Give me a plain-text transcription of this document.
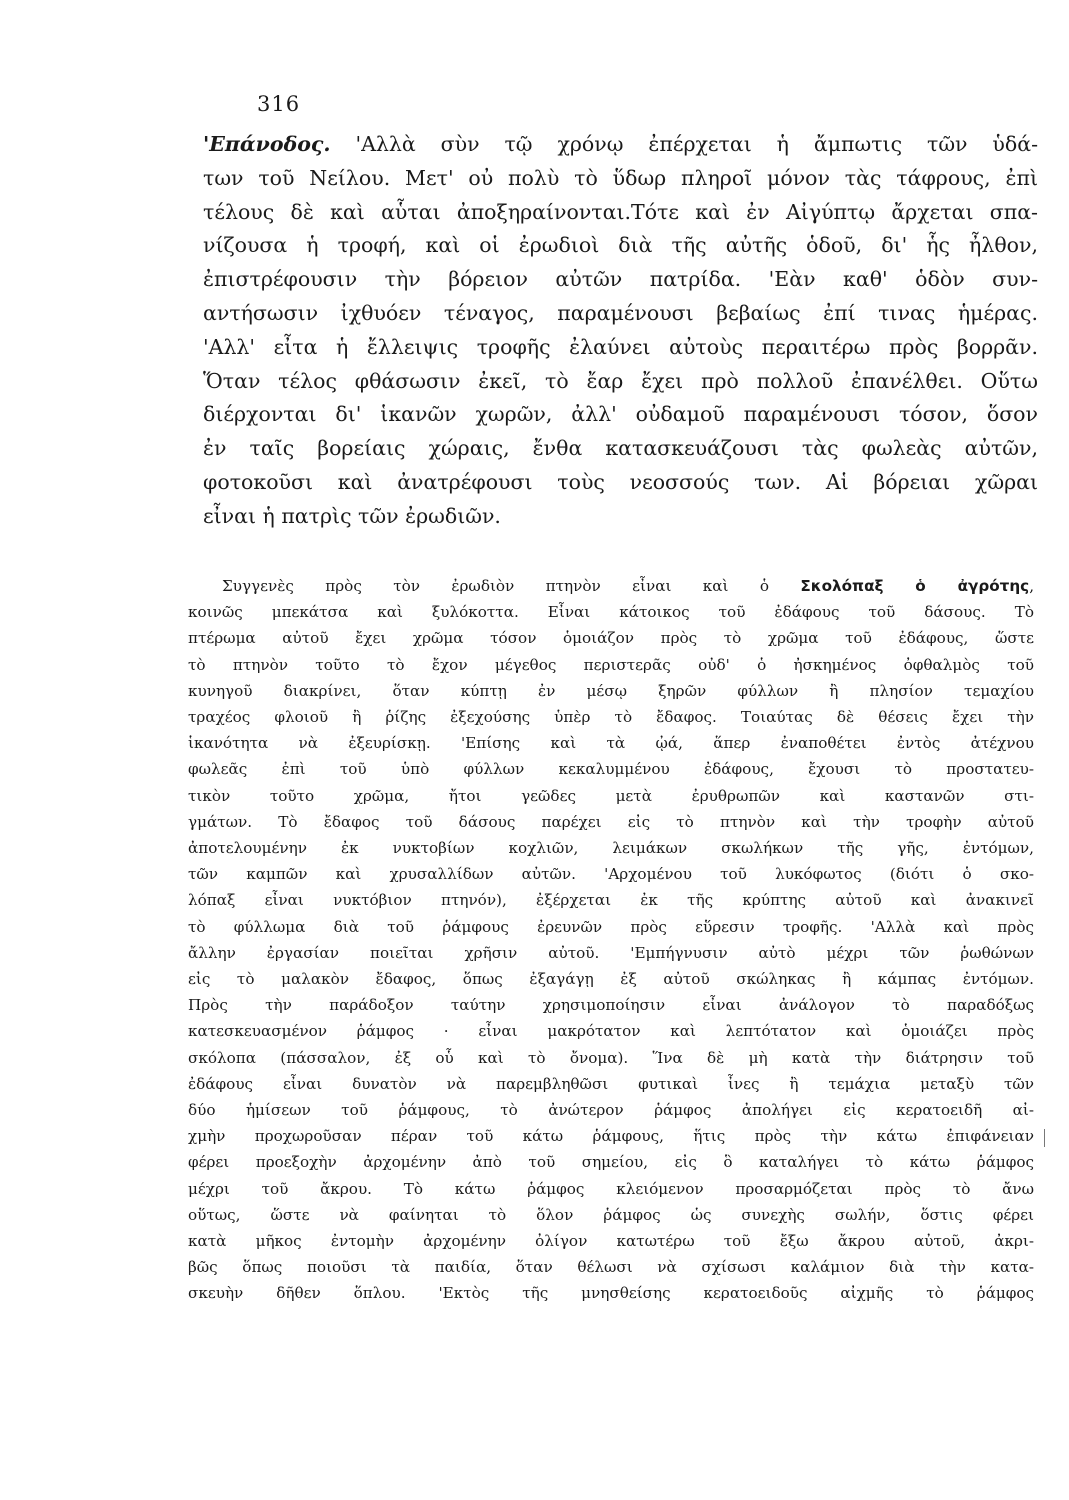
316
'Επάνοδος. 'Αλλὰ σὺν τῷ χρόνῳ ἐπέρχεται ἡ ἄμπωτις τῶν ὑδά-
των τοῦ Νείλου. Μετ' οὐ πολὺ τὸ ὕδωρ πληροῖ μόνον τὰς τάφρους, ἐπὶ
τέλους δὲ καὶ αὗται ἀποξηραίνονται.Τότε καὶ ἐν Αἰγύπτῳ ἄρχεται σπα-
νίζουσα ἡ τροφή, καὶ οἱ ἐρωδιοὶ διὰ τῆς αὐτῆς ὁδοῦ, δι' ἧς ἦλθον,
ἐπιστρέφουσιν τὴν βόρειον αὐτῶν πατρίδα. 'Εὰν καθ' ὁδὸν συν-
αντήσωσιν ἰχθυόεν τέναγος, παραμένουσι βεβαίως ἐπί τινας ἡμέρας.
'Αλλ' εἶτα ἡ ἔλλειψις τροφῆς ἐλαύνει αὐτοὺς περαιτέρω πρὸς βορρᾶν.
Ὅταν τέλος φθάσωσιν ἐκεῖ, τὸ ἔαρ ἔχει πρὸ πολλοῦ ἐπανέλθει. Οὕτω
διέρχονται δι' ἱκανῶν χωρῶν, ἀλλ' οὐδαμοῦ παραμένουσι τόσον, ὅσον
ἐν ταῖς βορείαις χώραις, ἔνθα κατασκευάζουσι τὰς φωλεὰς αὐτῶν,
φοτοκοῦσι καὶ ἀνατρέφουσι τοὺς νεοσσούς των. Αἱ βόρειαι χῶραι
εἶναι ἡ πατρὶς τῶν ἐρωδιῶν.
Συγγενὲς πρὸς τὸν ἐρωδιὸν πτηνὸν εἶναι καὶ ὁ Σκολόπαξ ὁ ἀγρότης,
κοινῶς μπεκάτσα καὶ ξυλόκοττα. Εἶναι κάτοικος τοῦ ἐδάφους τοῦ δάσους. Τὸ
πτέρωμα αὐτοῦ ἔχει χρῶμα τόσον ὁμοιάζον πρὸς τὸ χρῶμα τοῦ ἐδάφους, ὥστε
τὸ πτηνὸν τοῦτο τὸ ἔχον μέγεθος περιστερᾶς οὐδ' ὁ ἠσκημένος ὀφθαλμὸς τοῦ
κυνηγοῦ διακρίνει, ὅταν κύπτῃ ἐν μέσῳ ξηρῶν φύλλων ἢ πλησίον τεμαχίου
τραχέος φλοιοῦ ἢ ῥίζης ἐξεχούσης ὑπὲρ τὸ ἔδαφος. Τοιαύτας δὲ θέσεις ἔχει τὴν
ἱκανότητα νὰ ἐξευρίσκῃ. 'Επίσης καὶ τὰ ᾠά, ἅπερ ἐναποθέτει ἐντὸς ἀτέχνου
φωλεᾶς ἐπὶ τοῦ ὑπὸ φύλλων κεκαλυμμένου ἐδάφους, ἔχουσι τὸ προστατευ-
τικὸν τοῦτο χρῶμα, ἤτοι γεῶδες μετὰ ἐρυθρωπῶν καὶ καστανῶν στι-
γμάτων. Τὸ ἔδαφος τοῦ δάσους παρέχει εἰς τὸ πτηνὸν καὶ τὴν τροφὴν αὐτοῦ
ἀποτελουμένην ἐκ νυκτοβίων κοχλιῶν, λειμάκων σκωλήκων τῆς γῆς, ἐντόμων,
τῶν καμπῶν καὶ χρυσαλλίδων αὐτῶν. 'Αρχομένου τοῦ λυκόφωτος (διότι ὁ σκο-
λόπαξ εἶναι νυκτόβιον πτηνόν), ἐξέρχεται ἐκ τῆς κρύπτης αὐτοῦ καὶ ἀνακινεῖ
τὸ φύλλωμα διὰ τοῦ ῥάμφους ἐρευνῶν πρὸς εὕρεσιν τροφῆς. 'Αλλὰ καὶ πρὸς
ἄλλην ἐργασίαν ποιεῖται χρῆσιν αὐτοῦ. 'Εμπήγνυσιν αὐτὸ μέχρι τῶν ῥωθώνων
εἰς τὸ μαλακὸν ἔδαφος, ὅπως ἐξαγάγῃ ἐξ αὐτοῦ σκώληκας ἢ κάμπας ἐντόμων.
Πρὸς τὴν παράδοξον ταύτην χρησιμοποίησιν εἶναι ἀνάλογον τὸ παραδόξως
κατεσκευασμένον ῥάμφος · εἶναι μακρότατον καὶ λεπτότατον καὶ ὁμοιάζει πρὸς
σκόλοπα (πάσσαλον, ἐξ οὗ καὶ τὸ ὄνομα). Ἵνα δὲ μὴ κατὰ τὴν διάτρησιν τοῦ
ἐδάφους εἶναι δυνατὸν νὰ παρεμβληθῶσι φυτικαὶ ἶνες ἢ τεμάχια μεταξὺ τῶν
δύο ἡμίσεων τοῦ ῥάμφους, τὸ ἀνώτερον ῥάμφος ἀπολήγει εἰς κερατοειδῆ αἰ-
χμὴν προχωροῦσαν πέραν τοῦ κάτω ῥάμφους, ἥτις πρὸς τὴν κάτω ἐπιφάνειαν
φέρει προεξοχὴν ἀρχομένην ἀπὸ τοῦ σημείου, εἰς ὃ καταλήγει τὸ κάτω ῥάμφος
μέχρι τοῦ ἄκρου. Τὸ κάτω ῥάμφος κλειόμενον προσαρμόζεται πρὸς τὸ ἄνω
οὕτως, ὥστε νὰ φαίνηται τὸ ὅλον ῥάμφος ὡς συνεχὴς σωλήν, ὅστις φέρει
κατὰ μῆκος ἐντομὴν ἀρχομένην ὀλίγον κατωτέρω τοῦ ἔξω ἄκρου αὐτοῦ, ἀκρι-
βῶς ὅπως ποιοῦσι τὰ παιδία, ὅταν θέλωσι νὰ σχίσωσι καλάμιον διὰ τὴν κατα-
σκευὴν δῆθεν ὅπλου. 'Εκτὸς τῆς μνησθείσης κερατοειδοῦς αἰχμῆς τὸ ῥάμφος
